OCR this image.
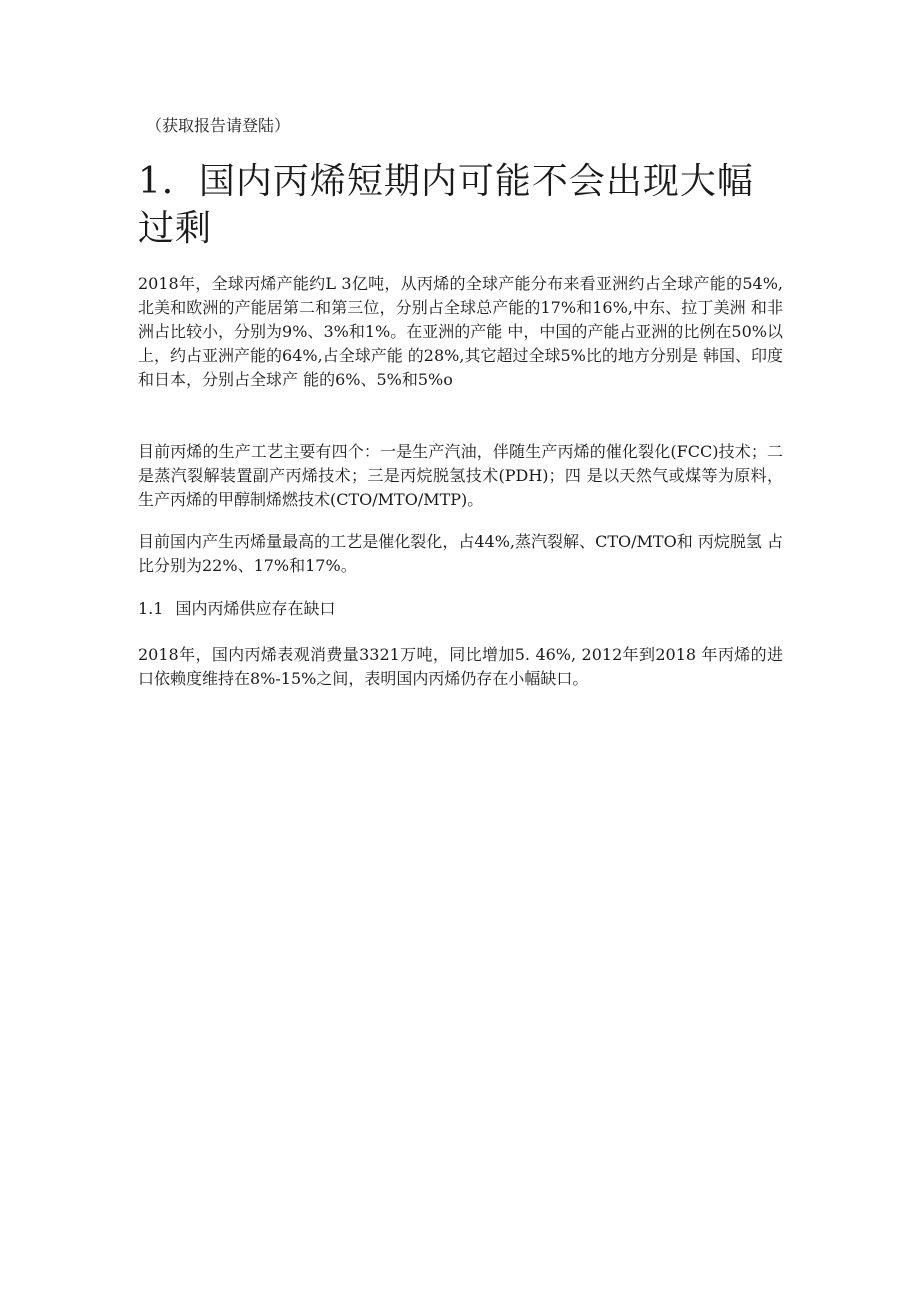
（获取报告请登陆）
1．国内丙烯短期内可能不会出现大幅过剩

2018年，全球丙烯产能约L 3亿吨，从丙烯的全球产能分布来看亚洲约占全球产能的54%,北美和欧洲的产能居第二和第三位，分别占全球总产能的17%和16%,中东、拉丁美洲 和非洲占比较小，分别为9%、3%和1%。在亚洲的产能 中，中国的产能占亚洲的比例在50%以上，约占亚洲产能的64%,占全球产能 的28%,其它超过全球5%比的地方分别是 韩国、印度和日本，分别占全球产 能的6%、5%和5%o

目前丙烯的生产工艺主要有四个：一是生产汽油，伴随生产丙烯的催化裂化(FCC)技术；二是蒸汽裂解装置副产丙烯技术；三是丙烷脱氢技术(PDH)；四 是以天然气或煤等为原料，生产丙烯的甲醇制烯燃技术(CTO/MTO/MTP)。

目前国内产生丙烯量最高的工艺是催化裂化，占44%,蒸汽裂解、CTO/MTO和 丙烷脱氢 占比分别为22%、17%和17%。

1.1 国内丙烯供应存在缺口

2018年，国内丙烯表观消费量3321万吨，同比增加5. 46%, 2012年到2018 年丙烯的进口依赖度维持在8%-15%之间，表明国内丙烯仍存在小幅缺口。
